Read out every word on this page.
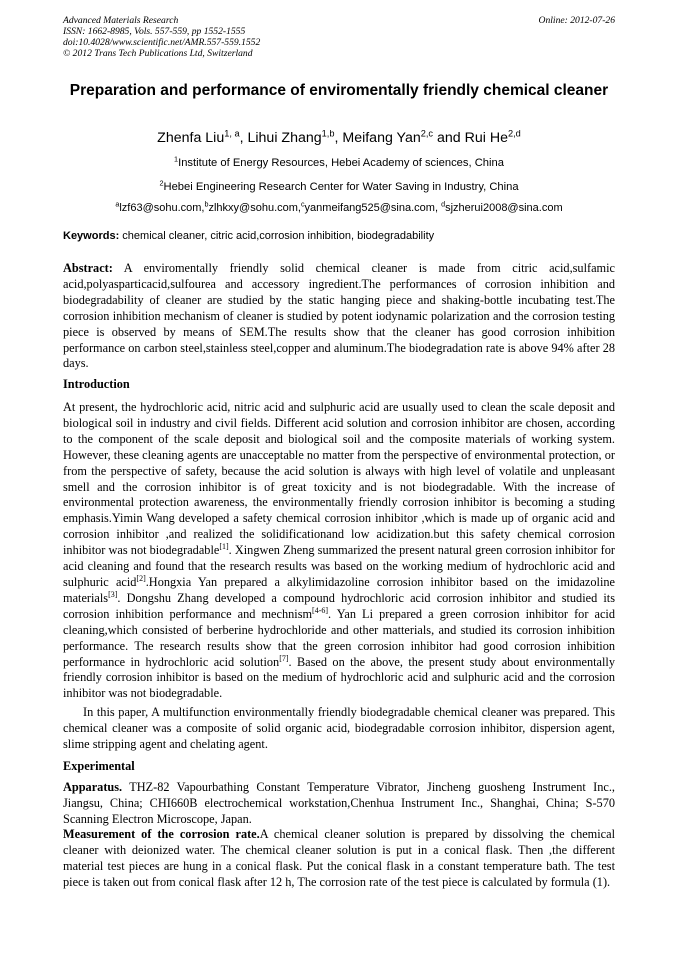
Advanced Materials Research
ISSN: 1662-8985, Vols. 557-559, pp 1552-1555
doi:10.4028/www.scientific.net/AMR.557-559.1552
© 2012 Trans Tech Publications Ltd, Switzerland
Online: 2012-07-26
Preparation and performance of enviromentally friendly chemical cleaner
Zhenfa Liu$^{1, a}$, Lihui Zhang$^{1,b}$, Meifang Yan$^{2,c}$ and Rui He$^{2,d}$
$^1$Institute of Energy Resources, Hebei Academy of sciences, China
$^2$Hebei Engineering Research Center for Water Saving in Industry, China
$^a$lzf63@sohu.com,$^b$zlhkxy@sohu.com,$^c$yanmeifang525@sina.com, $^d$sjzherui2008@sina.com
Keywords: chemical cleaner, citric acid,corrosion inhibition, biodegradability
Abstract: A enviromentally friendly solid chemical cleaner is made from citric acid,sulfamic acid,polyasparticacid,sulfourea and accessory ingredient.The performances of corrosion inhibition and biodegradability of cleaner are studied by the static hanging piece and shaking-bottle incubating test.The corrosion inhibition mechanism of cleaner is studied by potent iodynamic polarization and the corrosion testing piece is observed by means of SEM.The results show that the cleaner has good corrosion inhibition performance on carbon steel,stainless steel,copper and aluminum.The biodegradation rate is above 94% after 28 days.
Introduction
At present, the hydrochloric acid, nitric acid and sulphuric acid are usually used to clean the scale deposit and biological soil in industry and civil fields. Different acid solution and corrosion inhibitor are chosen, according to the component of the scale deposit and biological soil and the composite materials of working system. However, these cleaning agents are unacceptable no matter from the perspective of environmental protection, or from the perspective of safety, because the acid solution is always with high level of volatile and unpleasant smell and the corrosion inhibitor is of great toxicity and is not biodegradable. With the increase of environmental protection awareness, the environmentally friendly corrosion inhibitor is becoming a studing emphasis.Yimin Wang developed a safety chemical corrosion inhibitor ,which is made up of organic acid and corrosion inhibitor ,and realized the solidificationand low acidization.but this safety chemical corrosion inhibitor was not biodegradable[1]. Xingwen Zheng summarized the present natural green corrosion inhibitor for acid cleaning and found that the research results was based on the working medium of hydrochloric acid and sulphuric acid[2].Hongxia Yan prepared a alkylimidazoline corrosion inhibitor based on the imidazoline materials[3]. Dongshu Zhang developed a compound hydrochloric acid corrosion inhibitor and studied its corrosion inhibition performance and mechnism[4-6]. Yan Li prepared a green corrosion inhibitor for acid cleaning,which consisted of berberine hydrochloride and other matterials, and studied its corrosion inhibition performance. The research results show that the green corrosion inhibitor had good corrosion inhibition performance in hydrochloric acid solution[7]. Based on the above, the present study about environmentally friendly corrosion inhibitor is based on the medium of hydrochloric acid and sulphuric acid and the corrosion inhibitor was not biodegradable.
In this paper, A multifunction environmentally friendly biodegradable chemical cleaner was prepared. This chemical cleaner was a composite of solid organic acid, biodegradable corrosion inhibitor, dispersion agent, slime stripping agent and chelating agent.
Experimental
Apparatus. THZ-82 Vapourbathing Constant Temperature Vibrator, Jincheng guosheng Instrument Inc., Jiangsu, China; CHI660B electrochemical workstation,Chenhua Instrument Inc., Shanghai, China; S-570 Scanning Electron Microscope, Japan.
Measurement of the corrosion rate.A chemical cleaner solution is prepared by dissolving the chemical cleaner with deionized water. The chemical cleaner solution is put in a conical flask. Then ,the different material test pieces are hung in a conical flask. Put the conical flask in a constant temperature bath. The test piece is taken out from conical flask after 12 h, The corrosion rate of the test piece is calculated by formula (1).
